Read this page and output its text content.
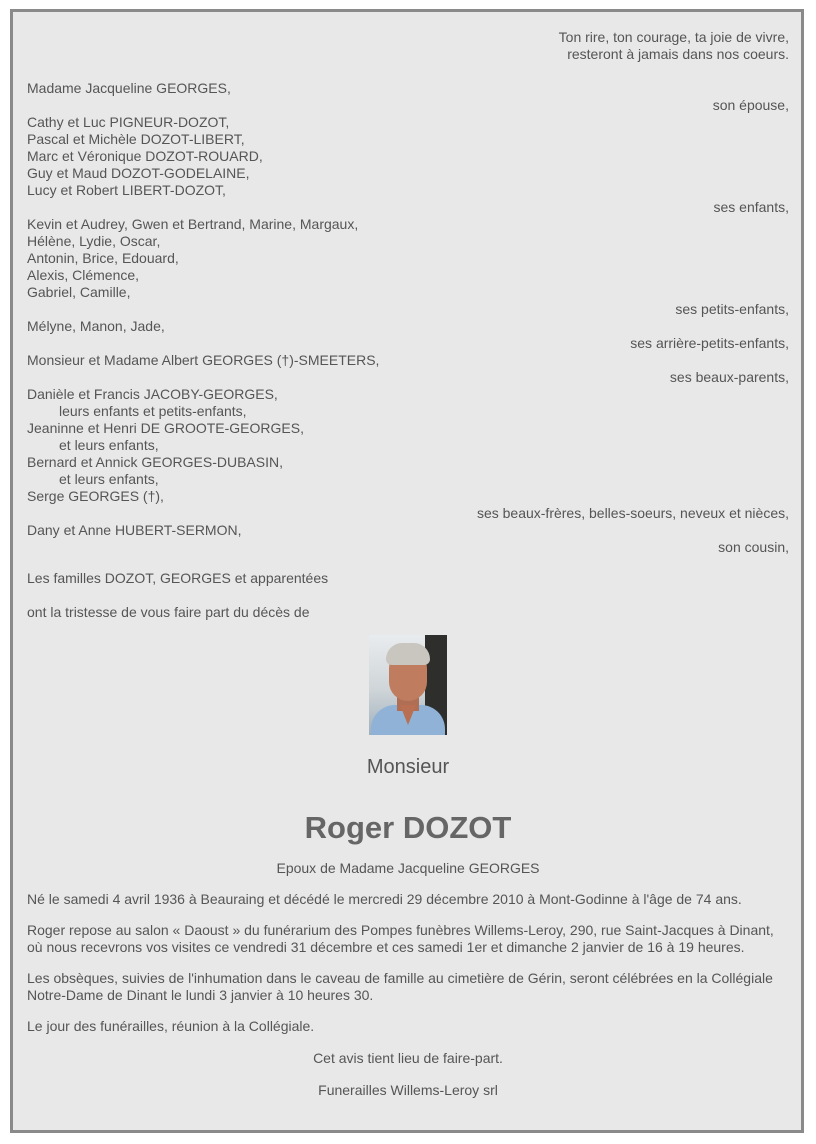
Ton rire, ton courage, ta joie de vivre,
resteront à jamais dans nos coeurs.
Madame Jacqueline GEORGES,
son épouse,
Cathy et Luc PIGNEUR-DOZOT,
Pascal et Michèle DOZOT-LIBERT,
Marc et Véronique DOZOT-ROUARD,
Guy et Maud DOZOT-GODELAINE,
Lucy et Robert LIBERT-DOZOT,
ses enfants,
Kevin et Audrey, Gwen et Bertrand, Marine, Margaux,
Hélène, Lydie, Oscar,
Antonin, Brice, Edouard,
Alexis, Clémence,
Gabriel, Camille,
ses petits-enfants,
Mélyne, Manon, Jade,
ses arrière-petits-enfants,
Monsieur et Madame Albert GEORGES (†)-SMEETERS,
ses beaux-parents,
Danièle et Francis JACOBY-GEORGES,
leurs enfants et petits-enfants,
Jeaninne et Henri DE GROOTE-GEORGES,
et leurs enfants,
Bernard et Annick GEORGES-DUBASIN,
et leurs enfants,
Serge GEORGES (†),
ses beaux-frères, belles-soeurs, neveux et nièces,
Dany et Anne HUBERT-SERMON,
son cousin,
Les familles DOZOT, GEORGES et apparentées
ont la tristesse de vous faire part du décès de
Monsieur
Roger DOZOT
Epoux de Madame Jacqueline GEORGES
Né le samedi 4 avril 1936 à Beauraing et décédé le mercredi 29 décembre 2010 à Mont-Godinne à l'âge de 74 ans.
Roger repose au salon « Daoust » du funérarium des Pompes funèbres Willems-Leroy, 290, rue Saint-Jacques à Dinant, où nous recevrons vos visites ce vendredi 31 décembre et ces samedi 1er et dimanche 2 janvier de 16 à 19 heures.
Les obsèques, suivies de l'inhumation dans le caveau de famille au cimetière de Gérin, seront célébrées en la Collégiale Notre-Dame de Dinant le lundi 3 janvier à 10 heures 30.
Le jour des funérailles, réunion à la Collégiale.
Cet avis tient lieu de faire-part.
Funerailles Willems-Leroy srl
